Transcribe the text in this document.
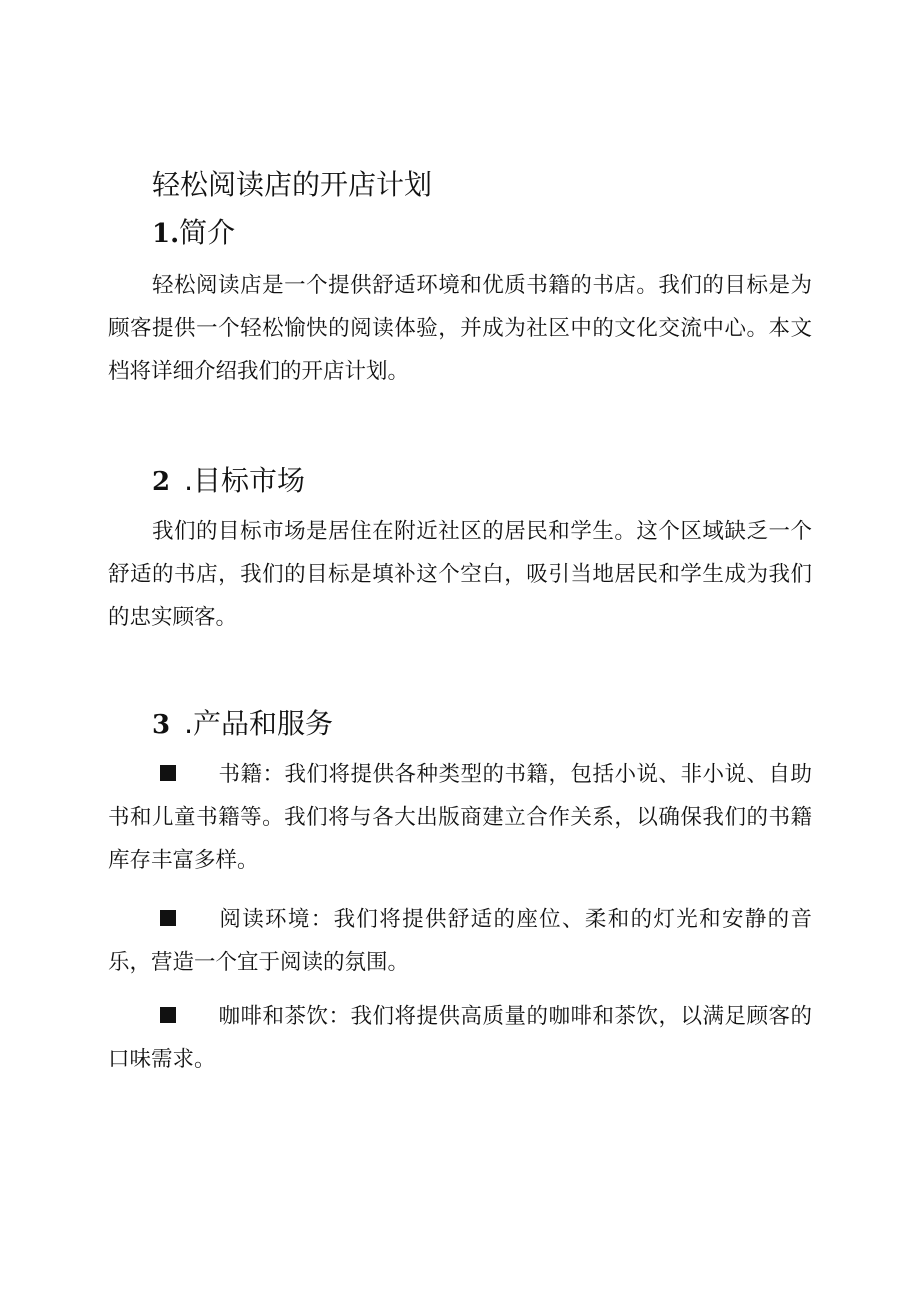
轻松阅读店的开店计划
1.简介

轻松阅读店是一个提供舒适环境和优质书籍的书店。我们的目标是为顾客提供一个轻松愉快的阅读体验，并成为社区中的文化交流中心。本文档将详细介绍我们的开店计划。

2 .目标市场

我们的目标市场是居住在附近社区的居民和学生。这个区域缺乏一个舒适的书店，我们的目标是填补这个空白，吸引当地居民和学生成为我们的忠实顾客。

3 .产品和服务

书籍：我们将提供各种类型的书籍，包括小说、非小说、自助书和儿童书籍等。我们将与各大出版商建立合作关系，以确保我们的书籍库存丰富多样。

阅读环境：我们将提供舒适的座位、柔和的灯光和安静的音乐，营造一个宜于阅读的氛围。

咖啡和茶饮：我们将提供高质量的咖啡和茶饮，以满足顾客的口味需求。
